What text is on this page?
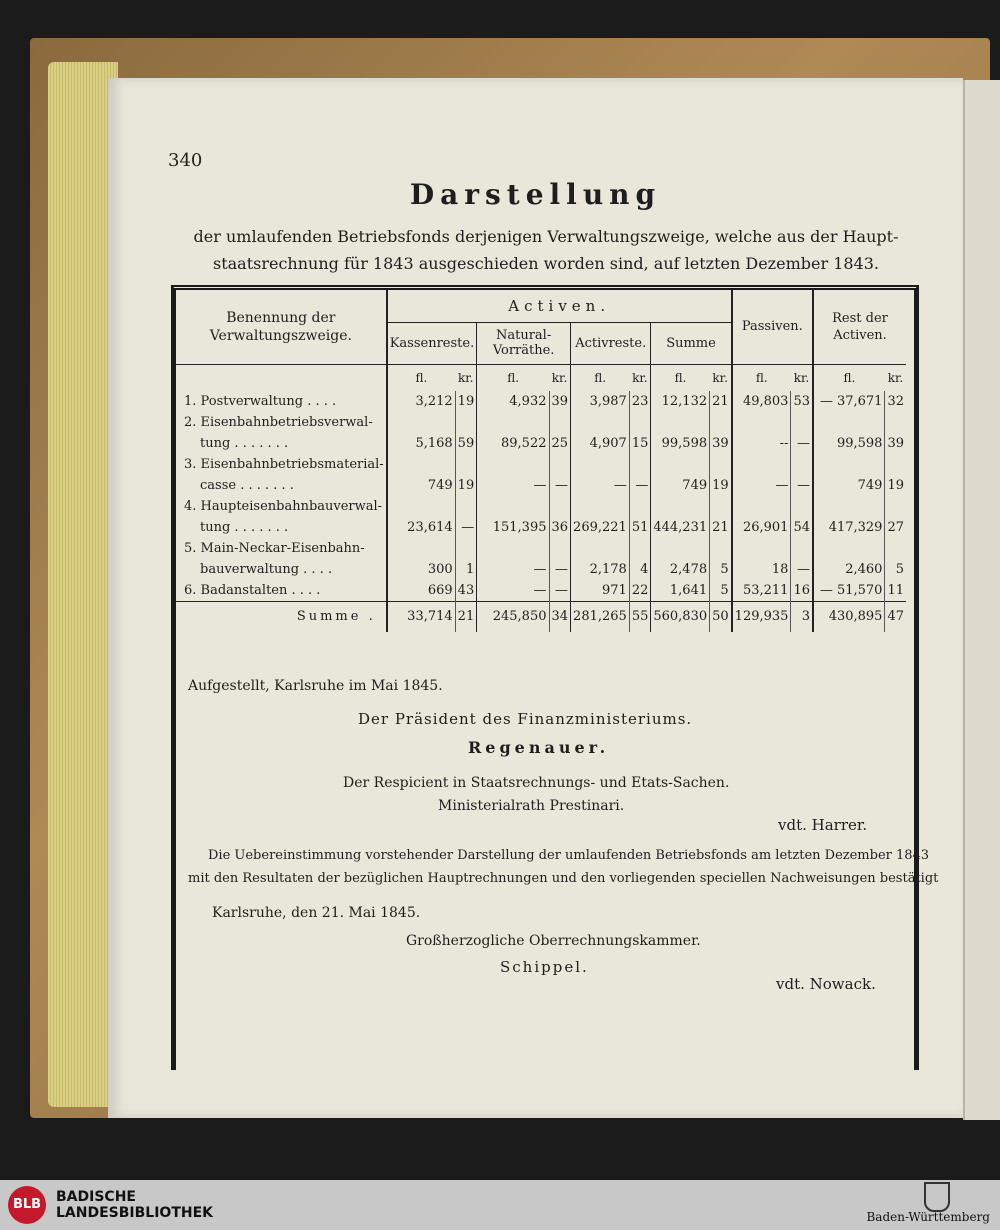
340
Darstellung
der umlaufenden Betriebsfonds derjenigen Verwaltungszweige, welche aus der Haupt-
staatsrechnung für 1843 ausgeschieden worden sind, auf letzten Dezember 1843.
Benennung der Verwaltungszweige.	Activen.								Passiven.		Rest der Activen.	
	Kassenreste.		Natural-Vorräthe.		Activreste.		Summe					
	fl.	kr.	fl.	kr.	fl.	kr.	fl.	kr.	fl.	kr.	fl.	kr.
1. Postverwaltung . . . .	3,212	19	4,932	39	3,987	23	12,132	21	49,803	53	— 37,671	32
2. Eisenbahnbetriebsverwal-												
tung . . . . . . .	5,168	59	89,522	25	4,907	15	99,598	39	--	—	99,598	39
3. Eisenbahnbetriebsmaterial-												
casse . . . . . . .	749	19	—	—	—	—	749	19	—	—	749	19
4. Haupteisenbahnbauverwal-												
tung . . . . . . .	23,614	—	151,395	36	269,221	51	444,231	21	26,901	54	417,329	27
5. Main-Neckar-Eisenbahn-												
bauverwaltung . . . .	300	1	—	—	2,178	4	2,478	5	18	—	2,460	5
6. Badanstalten . . . .	669	43	—	—	971	22	1,641	5	53,211	16	— 51,570	11
Summe .	33,714	21	245,850	34	281,265	55	560,830	50	129,935	3	430,895	47
Aufgestellt, Karlsruhe im Mai 1845.
Der Präsident des Finanzministeriums.
Regenauer.
Der Respicient in Staatsrechnungs- und Etats-Sachen.
Ministerialrath Prestinari.
vdt. Harrer.
Die Uebereinstimmung vorstehender Darstellung der umlaufenden Betriebsfonds am letzten Dezember 1843
mit den Resultaten der bezüglichen Hauptrechnungen und den vorliegenden speciellen Nachweisungen bestätigt
Karlsruhe, den 21. Mai 1845.
Großherzogliche Oberrechnungskammer.
Schippel.
vdt. Nowack.
BLB	BADISCHE
LANDESBIBLIOTHEK	Baden-Württemberg
